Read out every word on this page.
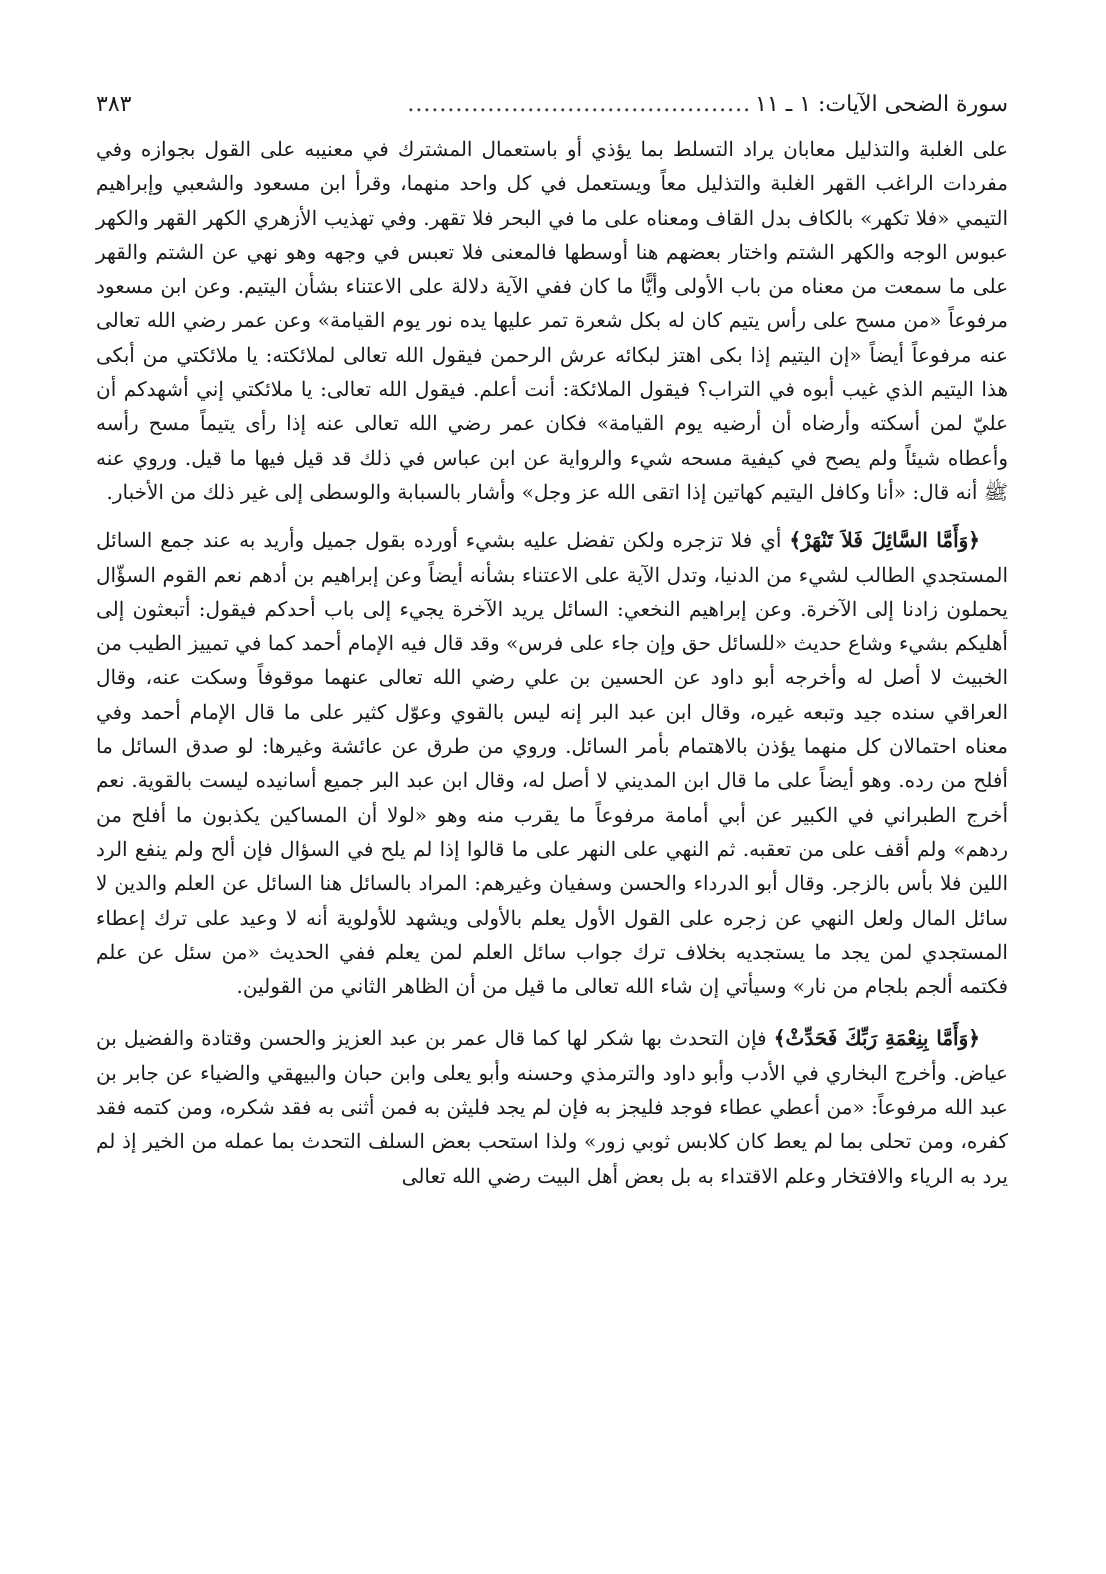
سورة الضحى الآيات: ١ ـ ١١
...........................................
٣٨٣

على الغلبة والتذليل معابان يراد التسلط بما يؤذي أو باستعمال المشترك في معنيبه على القول بجوازه وفي مفردات الراغب القهر الغلبة والتذليل معاً ويستعمل في كل واحد منهما، وقرأ ابن مسعود والشعبي وإبراهيم التيمي «فلا تكهر» بالكاف بدل القاف ومعناه على ما في البحر فلا تقهر. وفي تهذيب الأزهري الكهر القهر والكهر عبوس الوجه والكهر الشتم واختار بعضهم هنا أوسطها فالمعنى فلا تعبس في وجهه وهو نهي عن الشتم والقهر على ما سمعت من معناه من باب الأولى وأيًّا ما كان ففي الآية دلالة على الاعتناء بشأن اليتيم. وعن ابن مسعود مرفوعاً «من مسح على رأس يتيم كان له بكل شعرة تمر عليها يده نور يوم القيامة» وعن عمر رضي الله تعالى عنه مرفوعاً أيضاً «إن اليتيم إذا بكى اهتز لبكائه عرش الرحمن فيقول الله تعالى لملائكته: يا ملائكتي من أبكى هذا اليتيم الذي غيب أبوه في التراب؟ فيقول الملائكة: أنت أعلم. فيقول الله تعالى: يا ملائكتي إني أشهدكم أن عليّ لمن أسكته وأرضاه أن أرضيه يوم القيامة» فكان عمر رضي الله تعالى عنه إذا رأى يتيماً مسح رأسه وأعطاه شيئاً ولم يصح في كيفية مسحه شيء والرواية عن ابن عباس في ذلك قد قيل فيها ما قيل. وروي عنه ﷺ أنه قال: «أنا وكافل اليتيم كهاتين إذا اتقى الله عز وجل» وأشار بالسبابة والوسطى إلى غير ذلك من الأخبار.

﴿وَأَمَّا السَّائِلَ فَلاَ تَنْهَرْ﴾ أي فلا تزجره ولكن تفضل عليه بشيء أورده بقول جميل وأريد به عند جمع السائل المستجدي الطالب لشيء من الدنيا، وتدل الآية على الاعتناء بشأنه أيضاً وعن إبراهيم بن أدهم نعم القوم السؤّال يحملون زادنا إلى الآخرة. وعن إبراهيم النخعي: السائل يريد الآخرة يجيء إلى باب أحدكم فيقول: أتبعثون إلى أهليكم بشيء وشاع حديث «للسائل حق وإن جاء على فرس» وقد قال فيه الإمام أحمد كما في تمييز الطيب من الخبيث لا أصل له وأخرجه أبو داود عن الحسين بن علي رضي الله تعالى عنهما موقوفاً وسكت عنه، وقال العراقي سنده جيد وتبعه غيره، وقال ابن عبد البر إنه ليس بالقوي وعوّل كثير على ما قال الإمام أحمد وفي معناه احتمالان كل منهما يؤذن بالاهتمام بأمر السائل. وروي من طرق عن عائشة وغيرها: لو صدق السائل ما أفلح من رده. وهو أيضاً على ما قال ابن المديني لا أصل له، وقال ابن عبد البر جميع أسانيده ليست بالقوية. نعم أخرج الطبراني في الكبير عن أبي أمامة مرفوعاً ما يقرب منه وهو «لولا أن المساكين يكذبون ما أفلح من ردهم» ولم أقف على من تعقبه. ثم النهي على النهر على ما قالوا إذا لم يلح في السؤال فإن ألح ولم ينفع الرد اللين فلا بأس بالزجر. وقال أبو الدرداء والحسن وسفيان وغيرهم: المراد بالسائل هنا السائل عن العلم والدين لا سائل المال ولعل النهي عن زجره على القول الأول يعلم بالأولى ويشهد للأولوية أنه لا وعيد على ترك إعطاء المستجدي لمن يجد ما يستجديه بخلاف ترك جواب سائل العلم لمن يعلم ففي الحديث «من سئل عن علم فكتمه ألجم بلجام من نار» وسيأتي إن شاء الله تعالى ما قيل من أن الظاهر الثاني من القولين.

﴿وَأَمَّا بِنِعْمَةِ رَبِّكَ فَحَدِّثْ﴾ فإن التحدث بها شكر لها كما قال عمر بن عبد العزيز والحسن وقتادة والفضيل بن عياض. وأخرج البخاري في الأدب وأبو داود والترمذي وحسنه وأبو يعلى وابن حبان والبيهقي والضياء عن جابر بن عبد الله مرفوعاً: «من أعطي عطاء فوجد فليجز به فإن لم يجد فليثن به فمن أثنى به فقد شكره، ومن كتمه فقد كفره، ومن تحلى بما لم يعط كان كلابس ثوبي زور» ولذا استحب بعض السلف التحدث بما عمله من الخير إذ لم يرد به الرياء والافتخار وعلم الاقتداء به بل بعض أهل البيت رضي الله تعالى
